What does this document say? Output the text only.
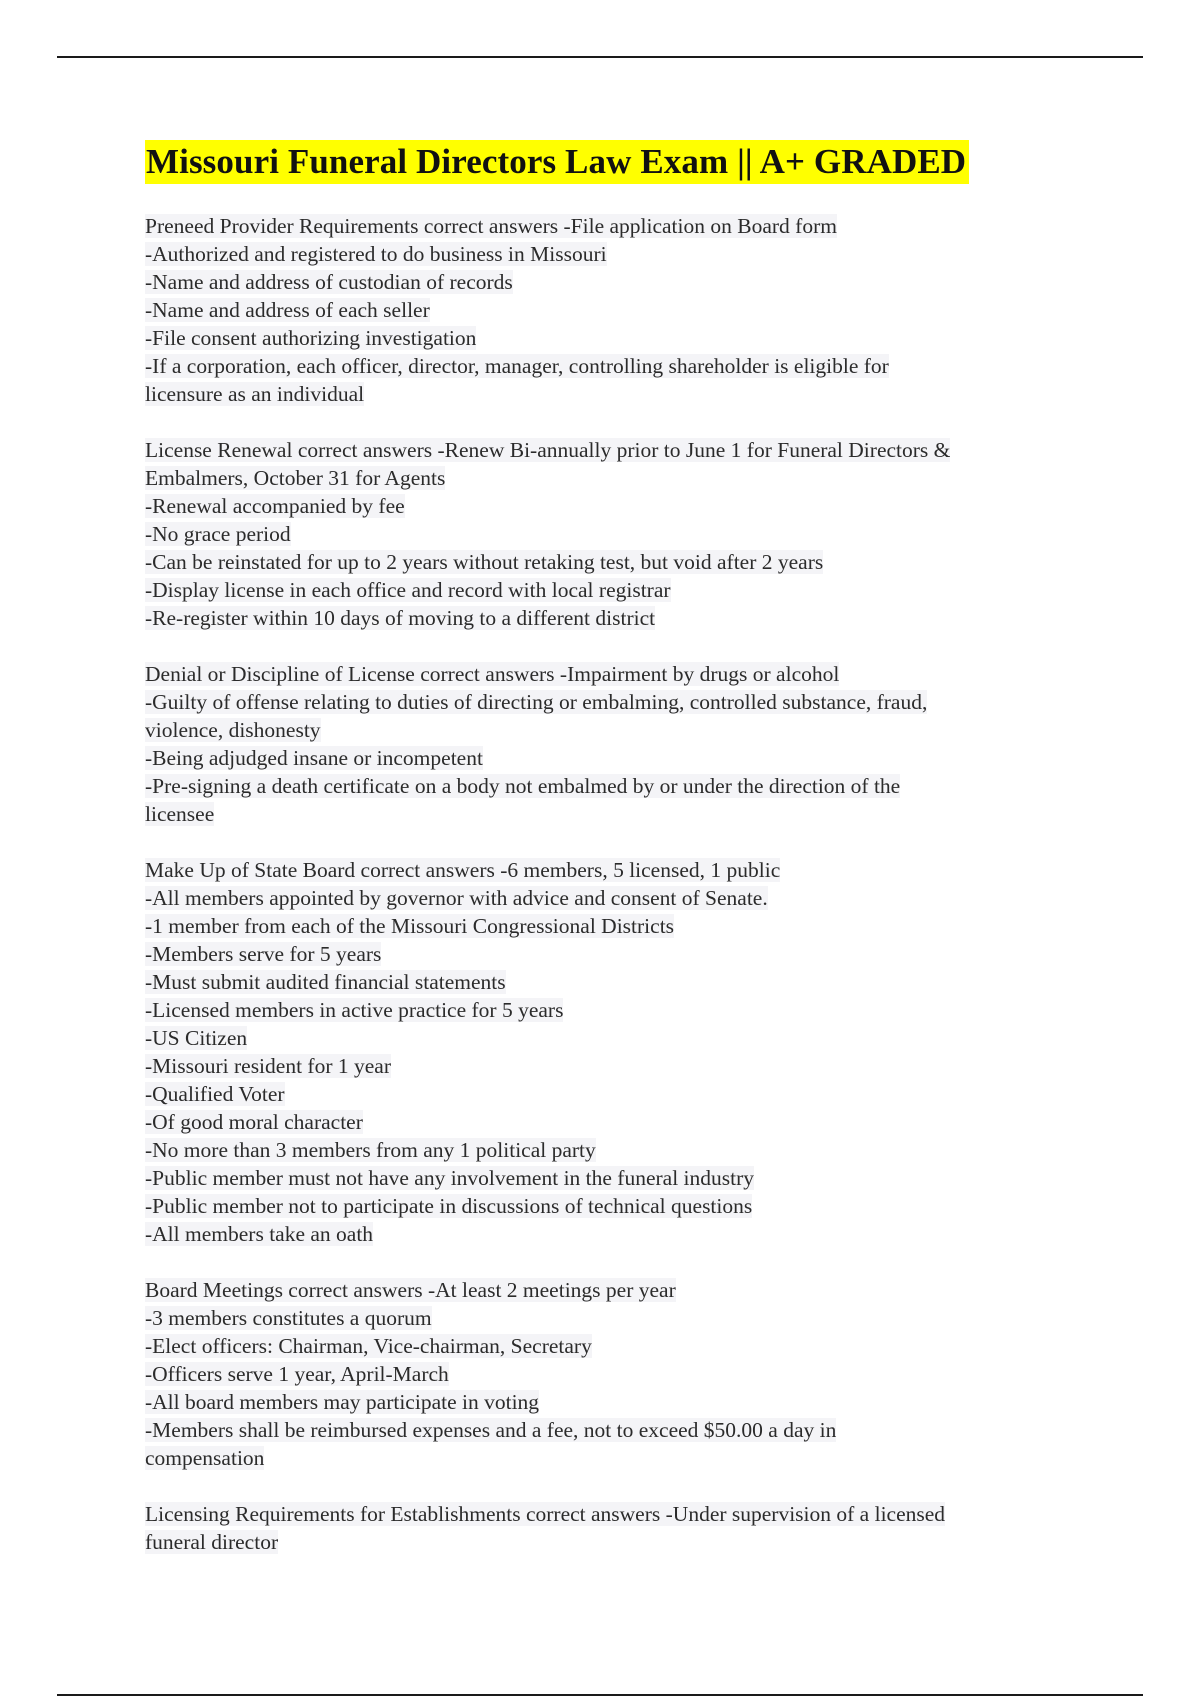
Missouri Funeral Directors Law Exam || A+ GRADED

Preneed Provider Requirements correct answers -File application on Board form

-Authorized and registered to do business in Missouri

-Name and address of custodian of records

-Name and address of each seller

-File consent authorizing investigation

-If a corporation, each officer, director, manager, controlling shareholder is eligible for

licensure as an individual

License Renewal correct answers -Renew Bi-annually prior to June 1 for Funeral Directors &

Embalmers, October 31 for Agents

-Renewal accompanied by fee

-No grace period

-Can be reinstated for up to 2 years without retaking test, but void after 2 years

-Display license in each office and record with local registrar

-Re-register within 10 days of moving to a different district

Denial or Discipline of License correct answers -Impairment by drugs or alcohol

-Guilty of offense relating to duties of directing or embalming, controlled substance, fraud,

violence, dishonesty

-Being adjudged insane or incompetent

-Pre-signing a death certificate on a body not embalmed by or under the direction of the

licensee

Make Up of State Board correct answers -6 members, 5 licensed, 1 public

-All members appointed by governor with advice and consent of Senate.

-1 member from each of the Missouri Congressional Districts

-Members serve for 5 years

-Must submit audited financial statements

-Licensed members in active practice for 5 years

-US Citizen

-Missouri resident for 1 year

-Qualified Voter

-Of good moral character

-No more than 3 members from any 1 political party

-Public member must not have any involvement in the funeral industry

-Public member not to participate in discussions of technical questions

-All members take an oath

Board Meetings correct answers -At least 2 meetings per year

-3 members constitutes a quorum

-Elect officers: Chairman, Vice-chairman, Secretary

-Officers serve 1 year, April-March

-All board members may participate in voting

-Members shall be reimbursed expenses and a fee, not to exceed $50.00 a day in

compensation

Licensing Requirements for Establishments correct answers -Under supervision of a licensed

funeral director
